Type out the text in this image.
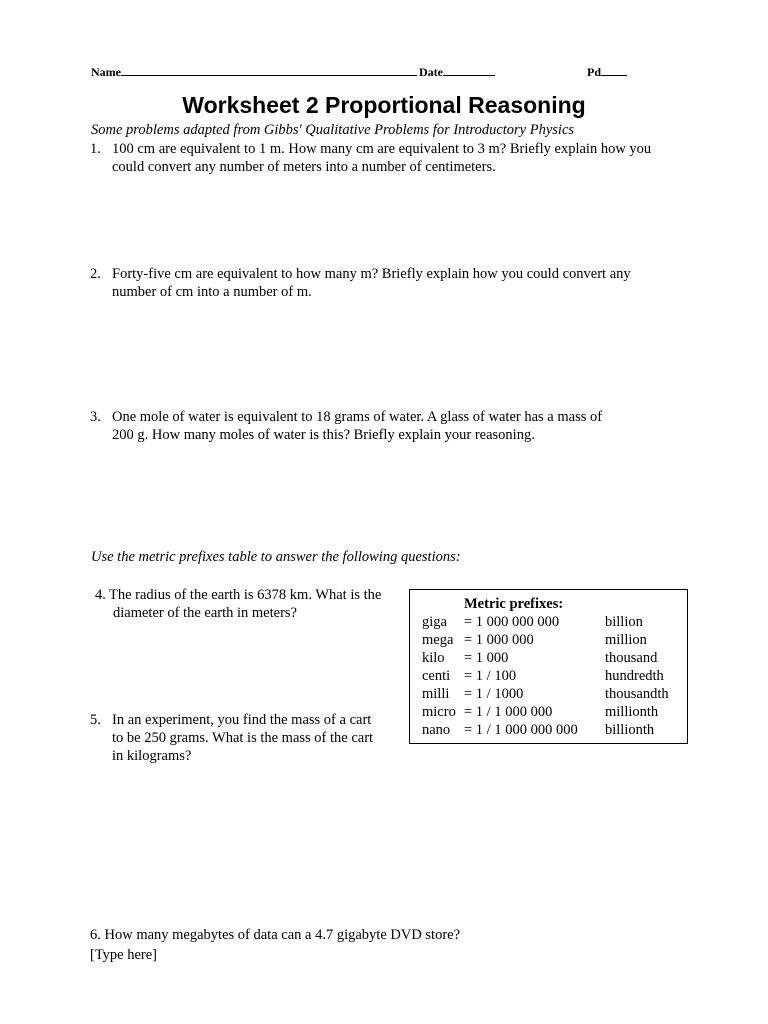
Name	Date	Pd
Worksheet 2 Proportional Reasoning
Some problems adapted from Gibbs' Qualitative Problems for Introductory Physics
1. 100 cm are equivalent to 1 m. How many cm are equivalent to 3 m? Briefly explain how you
could convert any number of meters into a number of centimeters.
2. Forty-five cm are equivalent to how many m? Briefly explain how you could convert any
number of cm into a number of m.
3. One mole of water is equivalent to 18 grams of water. A glass of water has a mass of
200 g. How many moles of water is this? Briefly explain your reasoning.
Use the metric prefixes table to answer the following questions:
4. The radius of the earth is 6378 km. What is the
diameter of the earth in meters?
5. In an experiment, you find the mass of a cart
to be 250 grams. What is the mass of the cart
in kilograms?
Metric prefixes:
giga = 1 000 000 000	billion
mega = 1 000 000	million
kilo = 1 000	thousand
centi = 1 / 100	hundredth
milli = 1 / 1000	thousandth
micro = 1 / 1 000 000	millionth
nano = 1 / 1 000 000 000 billionth
6. How many megabytes of data can a 4.7 gigabyte DVD store?
[Type here]
